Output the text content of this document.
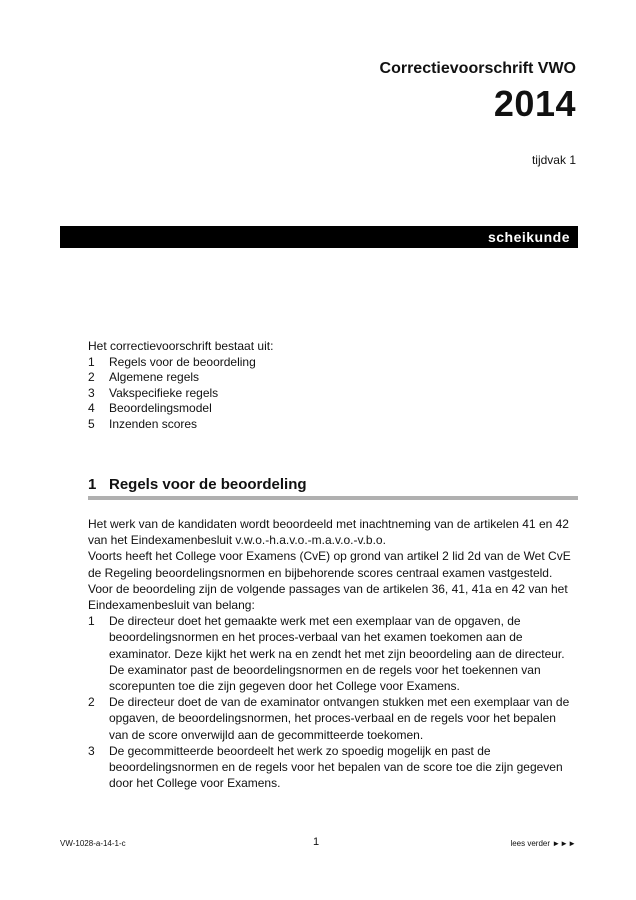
Correctievoorschrift VWO
2014
tijdvak 1
scheikunde

Het correctievoorschrift bestaat uit:

1	Regels voor de beoordeling
2	Algemene regels
3	Vakspecifieke regels
4	Beoordelingsmodel
5	Inzenden scores
1 Regels voor de beoordeling

Het werk van de kandidaten wordt beoordeeld met inachtneming van de artikelen 41 en 42 van het Eindexamenbesluit v.w.o.-h.a.v.o.-m.a.v.o.-v.b.o.

Voorts heeft het College voor Examens (CvE) op grond van artikel 2 lid 2d van de Wet CvE de Regeling beoordelingsnormen en bijbehorende scores centraal examen vastgesteld.

Voor de beoordeling zijn de volgende passages van de artikelen 36, 41, 41a en 42 van het Eindexamenbesluit van belang:

1	De directeur doet het gemaakte werk met een exemplaar van de opgaven, de beoordelingsnormen en het proces-verbaal van het examen toekomen aan de examinator. Deze kijkt het werk na en zendt het met zijn beoordeling aan de directeur. De examinator past de beoordelingsnormen en de regels voor het toekennen van scorepunten toe die zijn gegeven door het College voor Examens.
2	De directeur doet de van de examinator ontvangen stukken met een exemplaar van de opgaven, de beoordelingsnormen, het proces-verbaal en de regels voor het bepalen van de score onverwijld aan de gecommitteerde toekomen.
3	De gecommitteerde beoordeelt het werk zo spoedig mogelijk en past de beoordelingsnormen en de regels voor het bepalen van de score toe die zijn gegeven door het College voor Examens.
VW-1028-a-14-1-c	1	lees verder ►►►
